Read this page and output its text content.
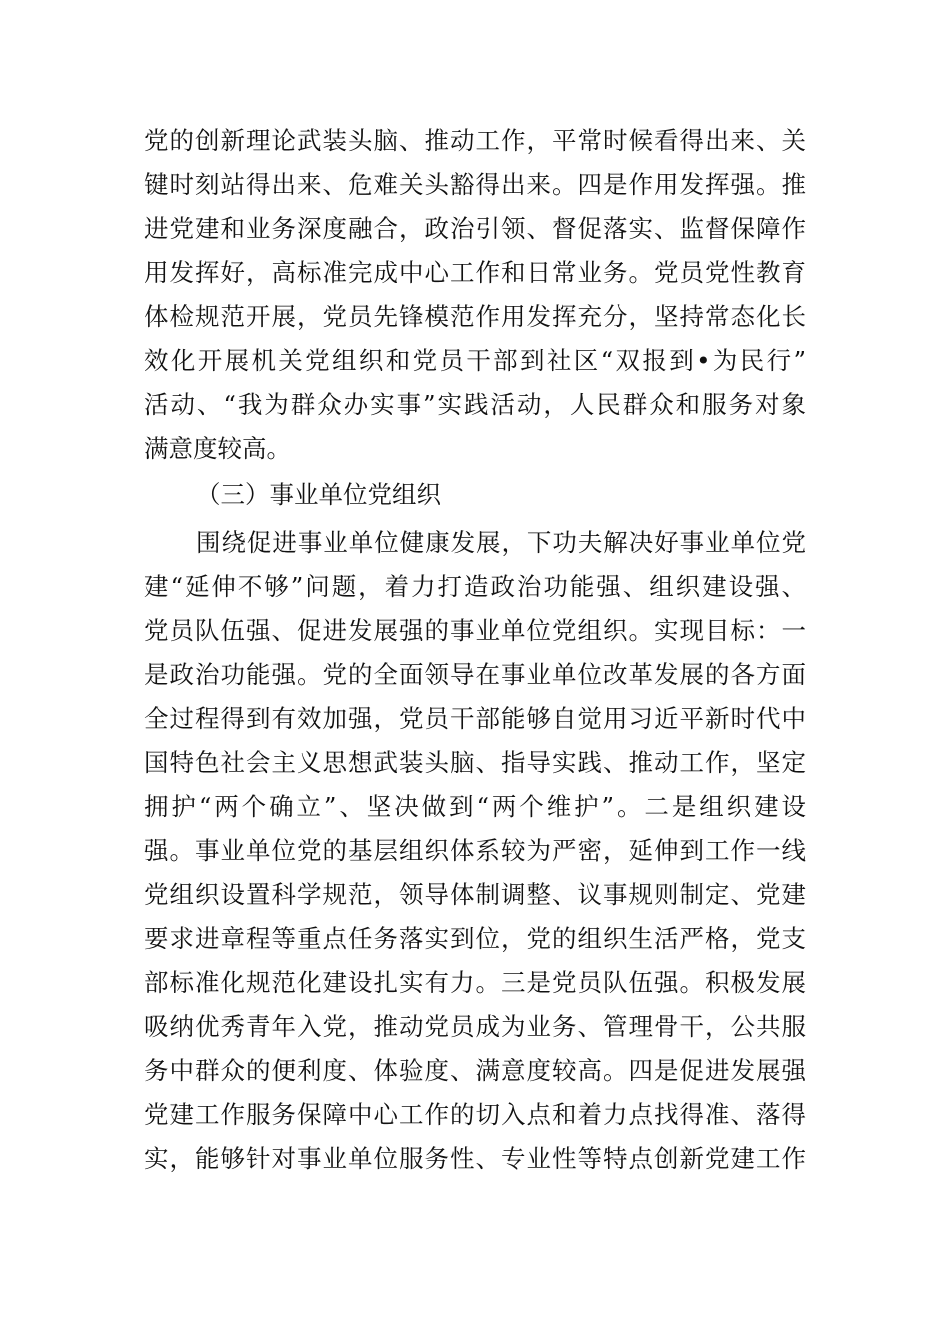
党的创新理论武装头脑、推动工作，平常时候看得出来、关
键时刻站得出来、危难关头豁得出来。四是作用发挥强。推
进党建和业务深度融合，政治引领、督促落实、监督保障作
用发挥好，高标准完成中心工作和日常业务。党员党性教育
体检规范开展，党员先锋模范作用发挥充分，坚持常态化长
效化开展机关党组织和党员干部到社区“双报到•为民行”
活动、“我为群众办实事”实践活动，人民群众和服务对象
满意度较高。
（三）事业单位党组织
围绕促进事业单位健康发展，下功夫解决好事业单位党
建“延伸不够”问题，着力打造政治功能强、组织建设强、
党员队伍强、促进发展强的事业单位党组织。实现目标：一
是政治功能强。党的全面领导在事业单位改革发展的各方面
全过程得到有效加强，党员干部能够自觉用习近平新时代中
国特色社会主义思想武装头脑、指导实践、推动工作，坚定
拥护“两个确立”、坚决做到“两个维护”。二是组织建设
强。事业单位党的基层组织体系较为严密，延伸到工作一线
党组织设置科学规范，领导体制调整、议事规则制定、党建
要求进章程等重点任务落实到位，党的组织生活严格，党支
部标准化规范化建设扎实有力。三是党员队伍强。积极发展
吸纳优秀青年入党，推动党员成为业务、管理骨干，公共服
务中群众的便利度、体验度、满意度较高。四是促进发展强
党建工作服务保障中心工作的切入点和着力点找得准、落得
实，能够针对事业单位服务性、专业性等特点创新党建工作
